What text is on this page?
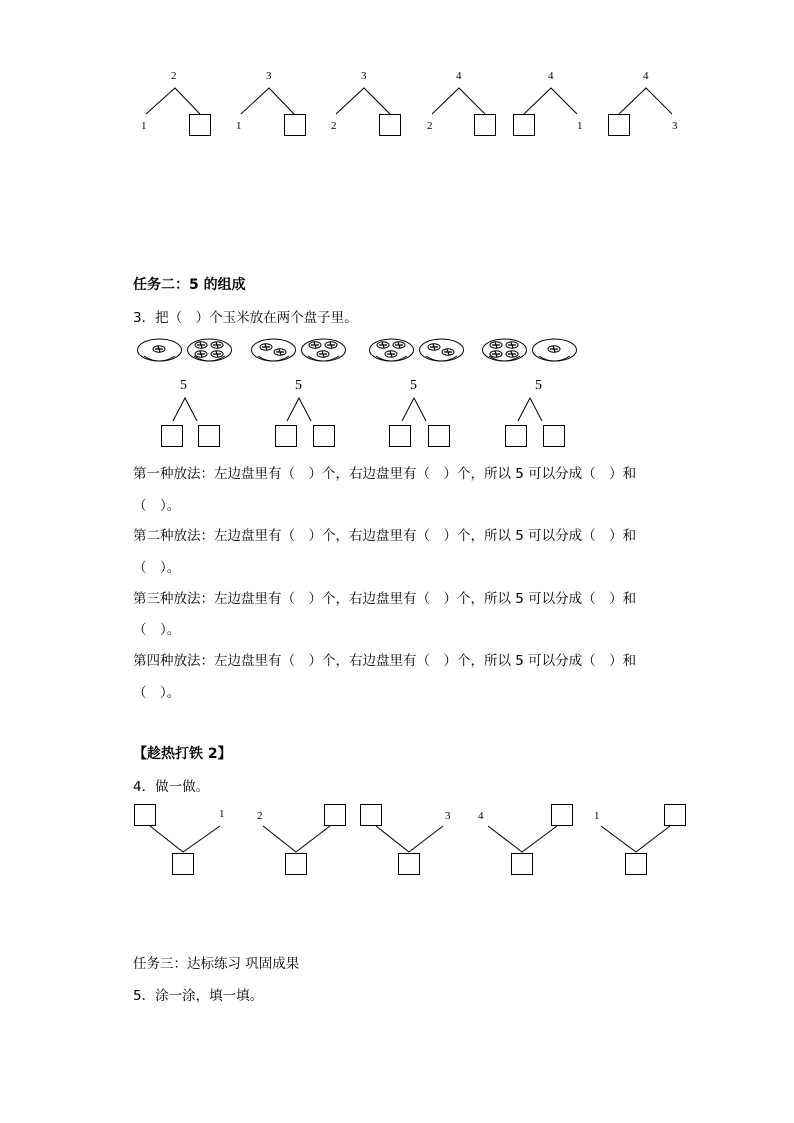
2
1
3
1
3
2
4
2
4
1
4
3
任务二：5 的组成
3．把（　）个玉米放在两个盘子里。
5	5	5	5
第一种放法：左边盘里有（　）个，右边盘里有（　）个，所以 5 可以分成（　）和
（　）。
第二种放法：左边盘里有（　）个，右边盘里有（　）个，所以 5 可以分成（　）和
（　）。
第三种放法：左边盘里有（　）个，右边盘里有（　）个，所以 5 可以分成（　）和
（　）。
第四种放法：左边盘里有（　）个，右边盘里有（　）个，所以 5 可以分成（　）和
（　）。
【趁热打铁 2】
4．做一做。
1	2	3	4	1
任务三：达标练习 巩固成果
5．涂一涂，填一填。
